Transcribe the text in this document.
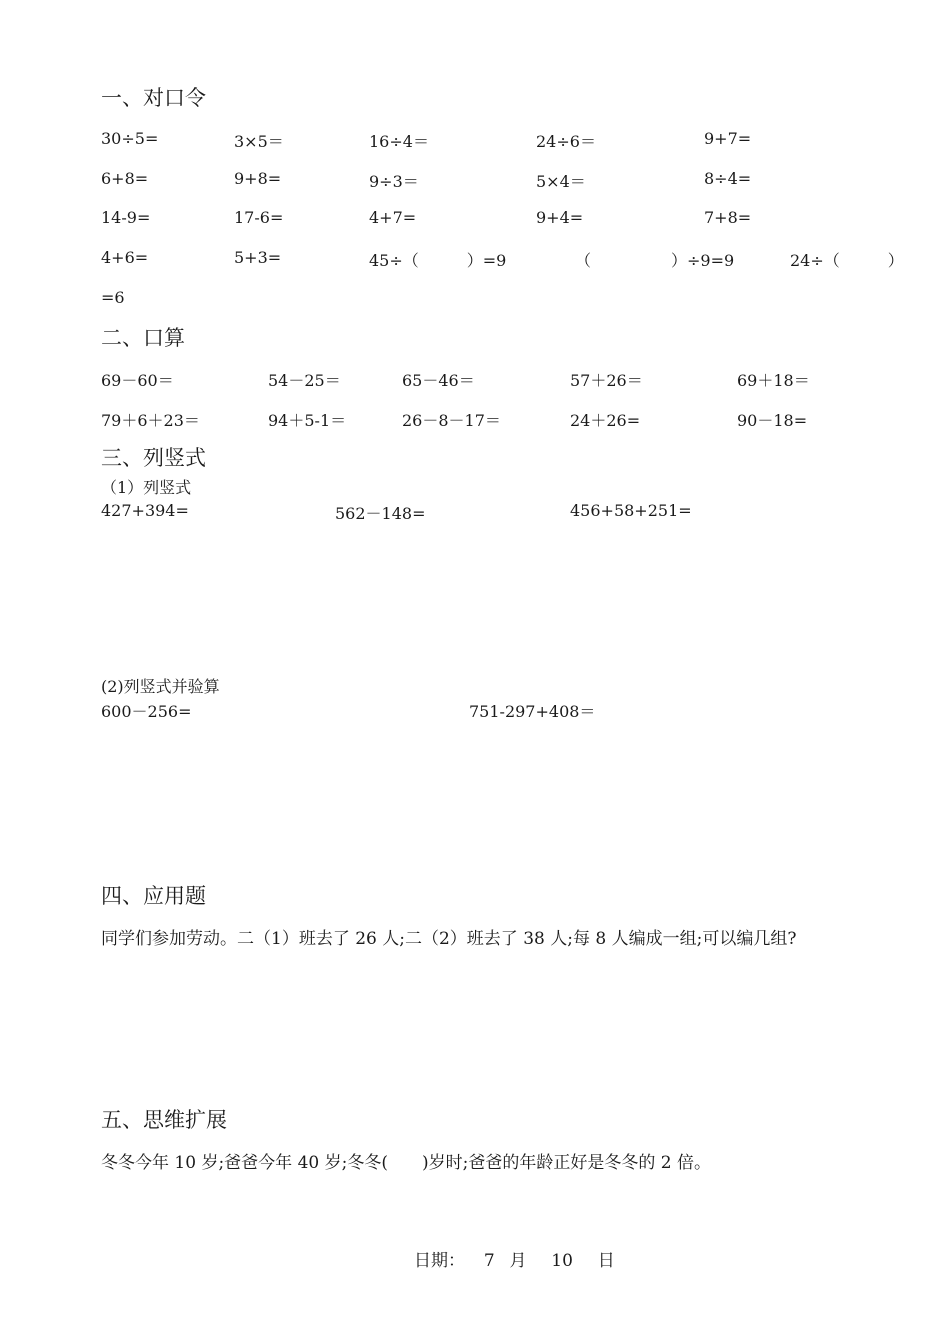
一、对口令
30÷5=	3×5＝	16÷4＝	24÷6＝	9+7=
6+8=	9+8=	9÷3＝	5×4＝	8÷4=
14-9=	17-6=	4+7=	9+4=	7+8=
4+6=	5+3=	45÷（　　　）=9	（　　　　　）÷9=9	24÷（　　　）
=6
二、口算
69－60＝	54－25＝	65－46＝	57＋26＝	69＋18＝
79＋6＋23＝	94＋5-1＝	26－8－17＝	24＋26=	90－18=
三、列竖式
（1）列竖式
427+394=	562－148=	456+58+251=
(2)列竖式并验算
600－256=	751-297+408＝
四、应用题
同学们参加劳动。二（1）班去了 26 人;二（2）班去了 38 人;每 8 人编成一组;可以编几组?
五、思维扩展
冬冬今年 10 岁;爸爸今年 40 岁;冬冬(　　)岁时;爸爸的年龄正好是冬冬的 2 倍。
日期： 7 月 10 日
